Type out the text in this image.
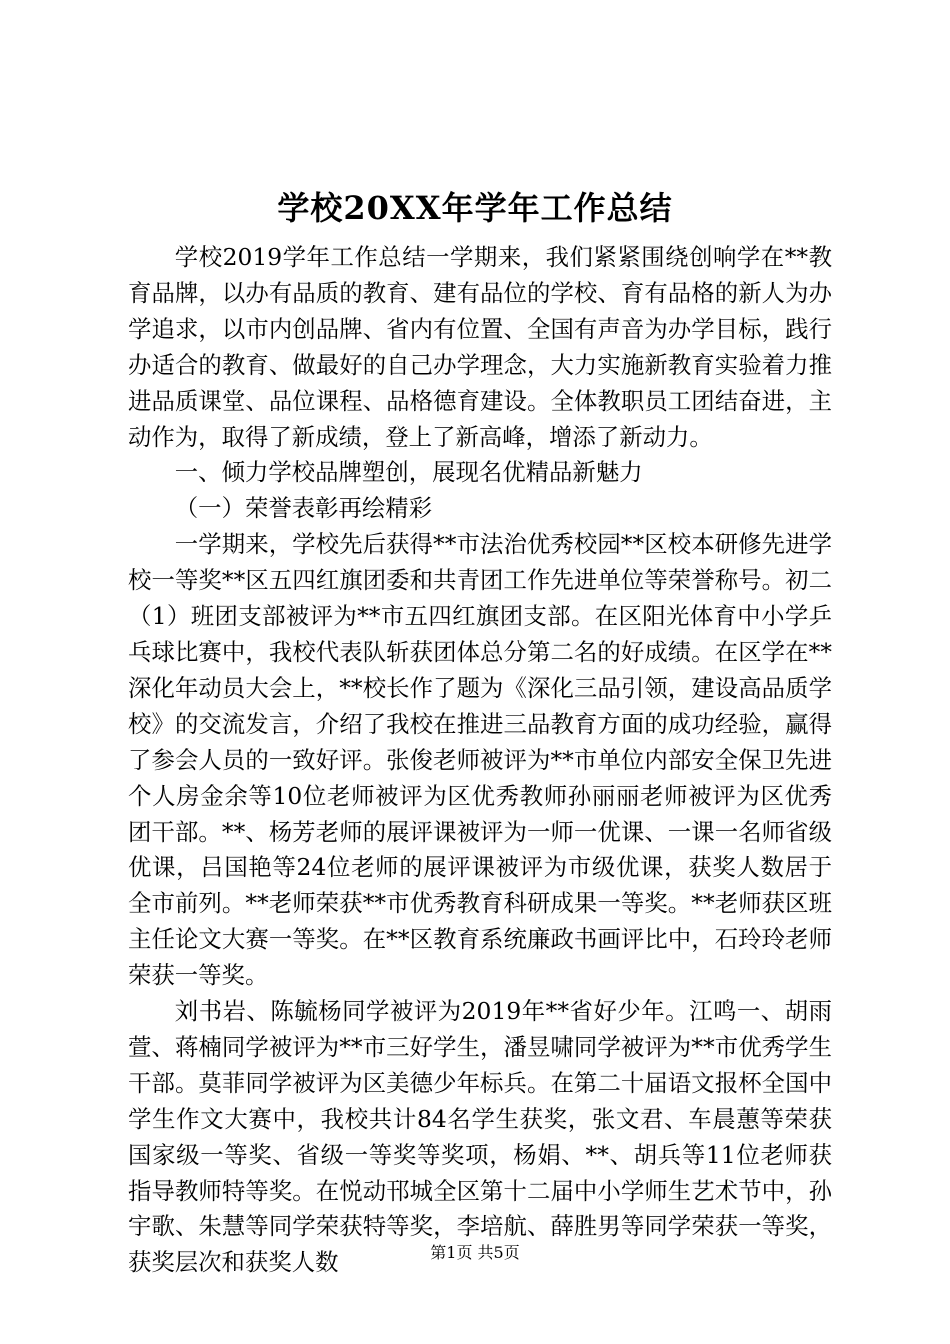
学校20XX年学年工作总结

学校2019学年工作总结一学期来，我们紧紧围绕创响学在**教育品牌，以办有品质的教育、建有品位的学校、育有品格的新人为办学追求，以市内创品牌、省内有位置、全国有声音为办学目标，践行办适合的教育、做最好的自己办学理念，大力实施新教育实验着力推进品质课堂、品位课程、品格德育建设。全体教职员工团结奋进，主动作为，取得了新成绩，登上了新高峰，增添了新动力。

一、倾力学校品牌塑创，展现名优精品新魅力

（一）荣誉表彰再绘精彩

一学期来，学校先后获得**市法治优秀校园**区校本研修先进学校一等奖**区五四红旗团委和共青团工作先进单位等荣誉称号。初二（1）班团支部被评为**市五四红旗团支部。在区阳光体育中小学乒乓球比赛中，我校代表队斩获团体总分第二名的好成绩。在区学在**深化年动员大会上，**校长作了题为《深化三品引领，建设高品质学校》的交流发言，介绍了我校在推进三品教育方面的成功经验，赢得了参会人员的一致好评。张俊老师被评为**市单位内部安全保卫先进个人房金余等10位老师被评为区优秀教师孙丽丽老师被评为区优秀团干部。**、杨芳老师的展评课被评为一师一优课、一课一名师省级优课，吕国艳等24位老师的展评课被评为市级优课，获奖人数居于全市前列。**老师荣获**市优秀教育科研成果一等奖。**老师获区班主任论文大赛一等奖。在**区教育系统廉政书画评比中，石玲玲老师荣获一等奖。

刘书岩、陈毓杨同学被评为2019年**省好少年。江鸣一、胡雨萱、蒋楠同学被评为**市三好学生，潘昱啸同学被评为**市优秀学生干部。莫菲同学被评为区美德少年标兵。在第二十届语文报杯全国中学生作文大赛中，我校共计84名学生获奖，张文君、车晨蕙等荣获国家级一等奖、省级一等奖等奖项，杨娟、**、胡兵等11位老师获指导教师特等奖。在悦动邗城全区第十二届中小学师生艺术节中，孙宇歌、朱慧等同学荣获特等奖，李培航、薛胜男等同学荣获一等奖，获奖层次和获奖人数	第1页 共5页
